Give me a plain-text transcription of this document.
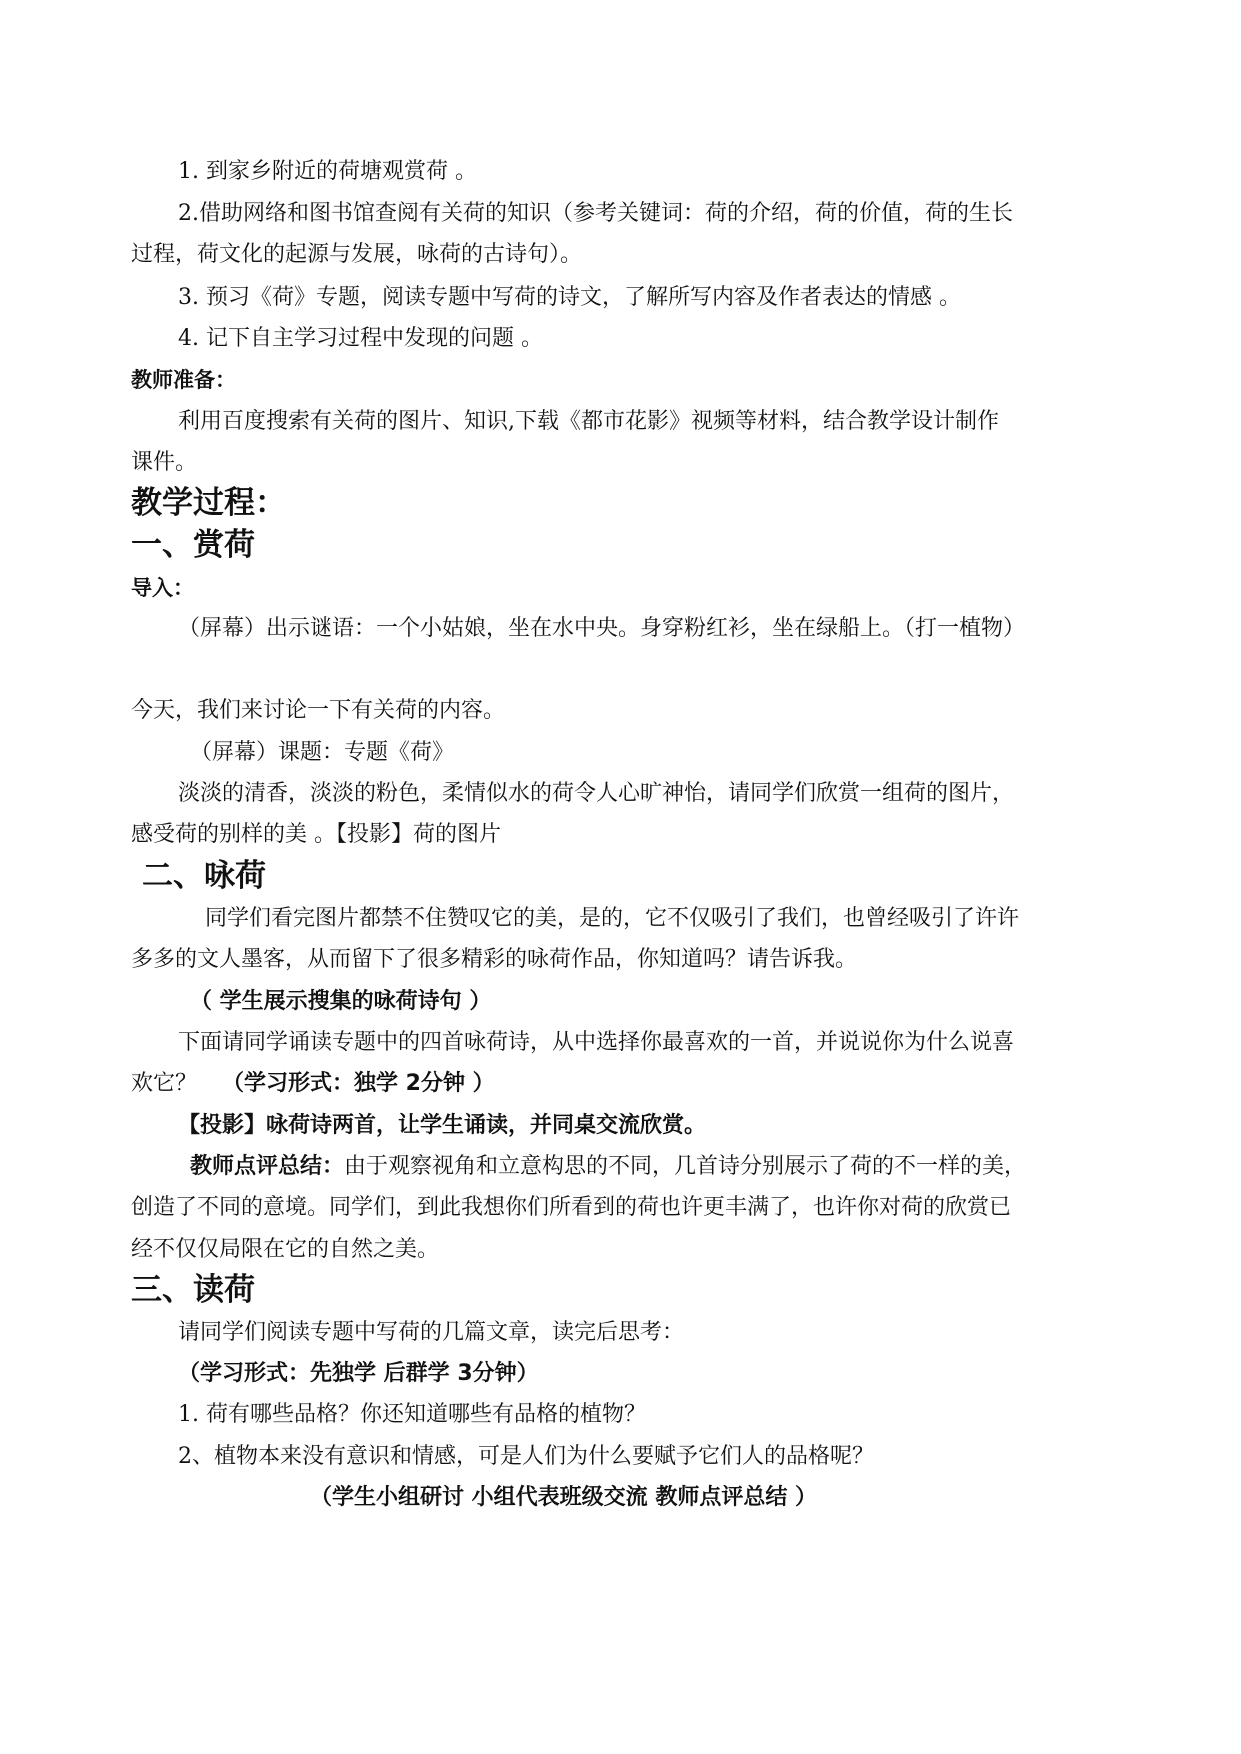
1. 到家乡附近的荷塘观赏荷 。
2.借助网络和图书馆查阅有关荷的知识（参考关键词：荷的介绍，荷的价值，荷的生长
过程，荷文化的起源与发展，咏荷的古诗句）。
3. 预习《荷》专题，阅读专题中写荷的诗文，了解所写内容及作者表达的情感 。
4. 记下自主学习过程中发现的问题 。
教师准备：
利用百度搜索有关荷的图片、知识,下载《都市花影》视频等材料，结合教学设计制作
课件。
教学过程：
一、赏荷
导入：
（屏幕）出示谜语：一个小姑娘，坐在水中央。身穿粉红衫，坐在绿船上。（打一植物）
今天，我们来讨论一下有关荷的内容。
（屏幕）课题：专题《荷》
淡淡的清香，淡淡的粉色，柔情似水的荷令人心旷神怡，请同学们欣赏一组荷的图片，
感受荷的别样的美 。【投影】荷的图片
二、咏荷
同学们看完图片都禁不住赞叹它的美，是的，它不仅吸引了我们，也曾经吸引了许许
多多的文人墨客，从而留下了很多精彩的咏荷作品，你知道吗？请告诉我。
（ 学生展示搜集的咏荷诗句 ）
下面请同学诵读专题中的四首咏荷诗，从中选择你最喜欢的一首，并说说你为什么说喜
欢它？ （学习形式：独学 2分钟 ）
【投影】咏荷诗两首，让学生诵读，并同桌交流欣赏。
教师点评总结：由于观察视角和立意构思的不同，几首诗分别展示了荷的不一样的美，
创造了不同的意境。同学们，到此我想你们所看到的荷也许更丰满了，也许你对荷的欣赏已
经不仅仅局限在它的自然之美。
三、读荷
请同学们阅读专题中写荷的几篇文章，读完后思考：
（学习形式：先独学 后群学 3分钟）
1. 荷有哪些品格？你还知道哪些有品格的植物？
2、植物本来没有意识和情感，可是人们为什么要赋予它们人的品格呢？
（学生小组研讨 小组代表班级交流 教师点评总结 ）
